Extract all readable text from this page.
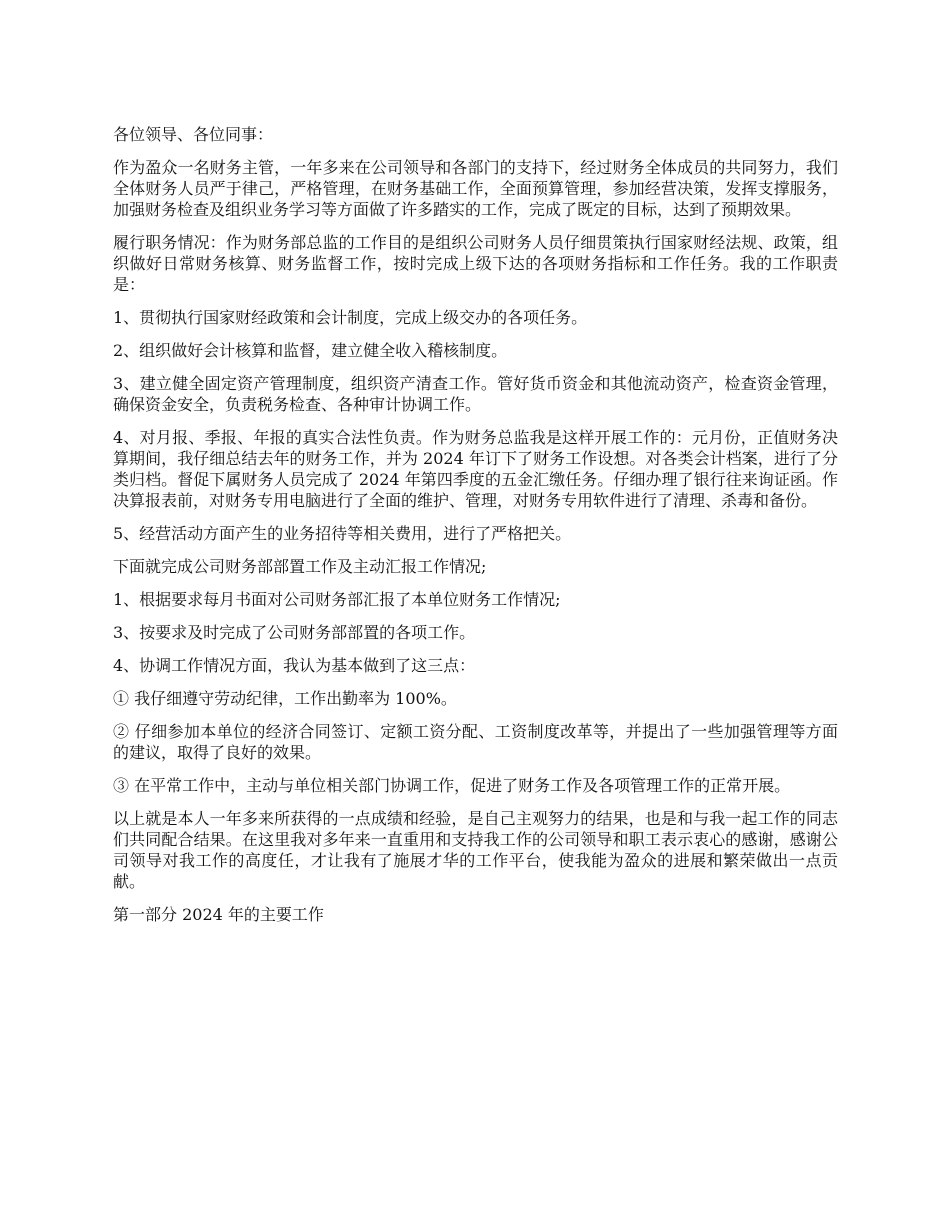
各位领导、各位同事：

作为盈众一名财务主管，一年多来在公司领导和各部门的支持下，经过财务全体成员的共同努力，我们全体财务人员严于律己，严格管理，在财务基础工作，全面预算管理，参加经营决策，发挥支撑服务，加强财务检查及组织业务学习等方面做了许多踏实的工作，完成了既定的目标，达到了预期效果。

履行职务情况：作为财务部总监的工作目的是组织公司财务人员仔细贯策执行国家财经法规、政策，组织做好日常财务核算、财务监督工作，按时完成上级下达的各项财务指标和工作任务。我的工作职责是：

1、贯彻执行国家财经政策和会计制度，完成上级交办的各项任务。

2、组织做好会计核算和监督，建立健全收入稽核制度。

3、建立健全固定资产管理制度，组织资产清查工作。管好货币资金和其他流动资产，检查资金管理，确保资金安全，负责税务检查、各种审计协调工作。

4、对月报、季报、年报的真实合法性负责。作为财务总监我是这样开展工作的：元月份，正值财务决算期间，我仔细总结去年的财务工作，并为 2024 年订下了财务工作设想。对各类会计档案，进行了分类归档。督促下属财务人员完成了 2024 年第四季度的五金汇缴任务。仔细办理了银行往来询证函。作决算报表前，对财务专用电脑进行了全面的维护、管理，对财务专用软件进行了清理、杀毒和备份。

5、经营活动方面产生的业务招待等相关费用，进行了严格把关。

下面就完成公司财务部部置工作及主动汇报工作情况;

1、根据要求每月书面对公司财务部汇报了本单位财务工作情况;

3、按要求及时完成了公司财务部部置的各项工作。

4、协调工作情况方面，我认为基本做到了这三点：

① 我仔细遵守劳动纪律，工作出勤率为 100%。

② 仔细参加本单位的经济合同签订、定额工资分配、工资制度改革等，并提出了一些加强管理等方面的建议，取得了良好的效果。

③ 在平常工作中，主动与单位相关部门协调工作，促进了财务工作及各项管理工作的正常开展。

以上就是本人一年多来所获得的一点成绩和经验，是自己主观努力的结果，也是和与我一起工作的同志们共同配合结果。在这里我对多年来一直重用和支持我工作的公司领导和职工表示衷心的感谢，感谢公司领导对我工作的高度任，才让我有了施展才华的工作平台，使我能为盈众的进展和繁荣做出一点贡献。

第一部分 2024 年的主要工作
